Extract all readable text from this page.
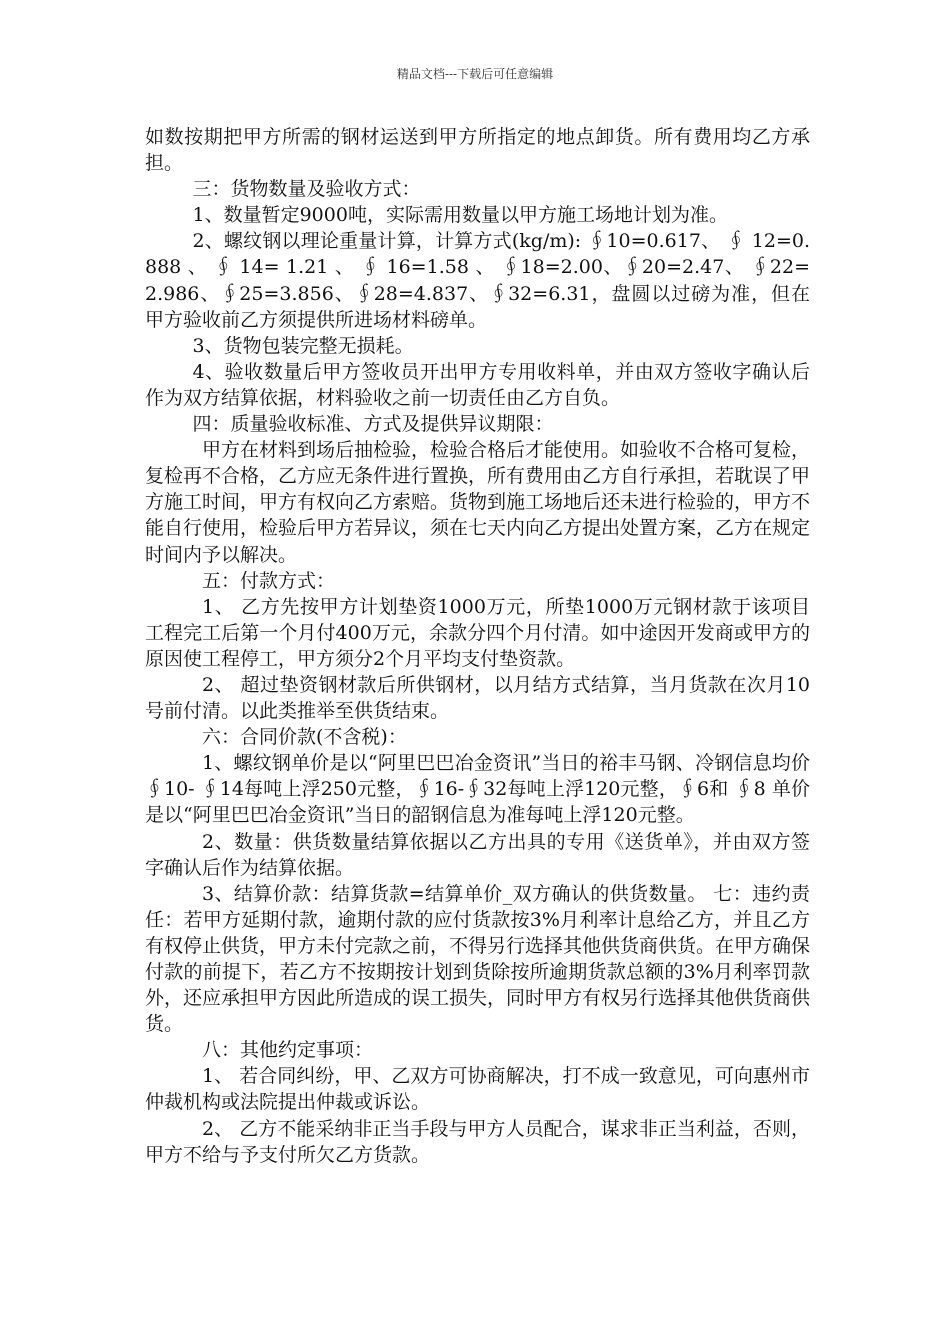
精品文档---下载后可任意编辑

如数按期把甲方所需的钢材运送到甲方所指定的地点卸货。所有费用均乙方承担。

三：货物数量及验收方式：

1、数量暂定9000吨，实际需用数量以甲方施工场地计划为准。

2、螺纹钢以理论重量计算，计算方式(kg/m): ∮10=0.617、 ∮ 12=0.888 、 ∮ 14= 1.21 、 ∮ 16=1.58 、 ∮18=2.00、∮20=2.47、 ∮22=2.986、∮25=3.856、∮28=4.837、∮32=6.31，盘圆以过磅为准，但在甲方验收前乙方须提供所进场材料磅单。

3、货物包装完整无损耗。

4、验收数量后甲方签收员开出甲方专用收料单，并由双方签收字确认后作为双方结算依据，材料验收之前一切责任由乙方自负。

四：质量验收标准、方式及提供异议期限：

甲方在材料到场后抽检验，检验合格后才能使用。如验收不合格可复检，复检再不合格，乙方应无条件进行置换，所有费用由乙方自行承担，若耽误了甲方施工时间，甲方有权向乙方索赔。货物到施工场地后还未进行检验的，甲方不能自行使用，检验后甲方若异议，须在七天内向乙方提出处置方案，乙方在规定时间内予以解决。

五：付款方式：

1、 乙方先按甲方计划垫资1000万元，所垫1000万元钢材款于该项目工程完工后第一个月付400万元，余款分四个月付清。如中途因开发商或甲方的原因使工程停工，甲方须分2个月平均支付垫资款。

2、 超过垫资钢材款后所供钢材，以月结方式结算，当月货款在次月10号前付清。以此类推举至供货结束。

六：合同价款(不含税)：

1、螺纹钢单价是以“阿里巴巴冶金资讯”当日的裕丰马钢、冷钢信息均价∮10- ∮14每吨上浮250元整，∮16-∮32每吨上浮120元整，∮6和 ∮8 单价是以“阿里巴巴冶金资讯”当日的韶钢信息为准每吨上浮120元整。

2、数量：供货数量结算依据以乙方出具的专用《送货单》，并由双方签字确认后作为结算依据。

3、结算价款：结算货款=结算单价_双方确认的供货数量。 七：违约责任：若甲方延期付款，逾期付款的应付货款按3%月利率计息给乙方，并且乙方有权停止供货，甲方未付完款之前，不得另行选择其他供货商供货。在甲方确保付款的前提下，若乙方不按期按计划到货除按所逾期货款总额的3%月利率罚款外，还应承担甲方因此所造成的误工损失，同时甲方有权另行选择其他供货商供货。

八：其他约定事项：

1、 若合同纠纷，甲、乙双方可协商解决，打不成一致意见，可向惠州市仲裁机构或法院提出仲裁或诉讼。

2、 乙方不能采纳非正当手段与甲方人员配合，谋求非正当利益，否则，甲方不给与予支付所欠乙方货款。
